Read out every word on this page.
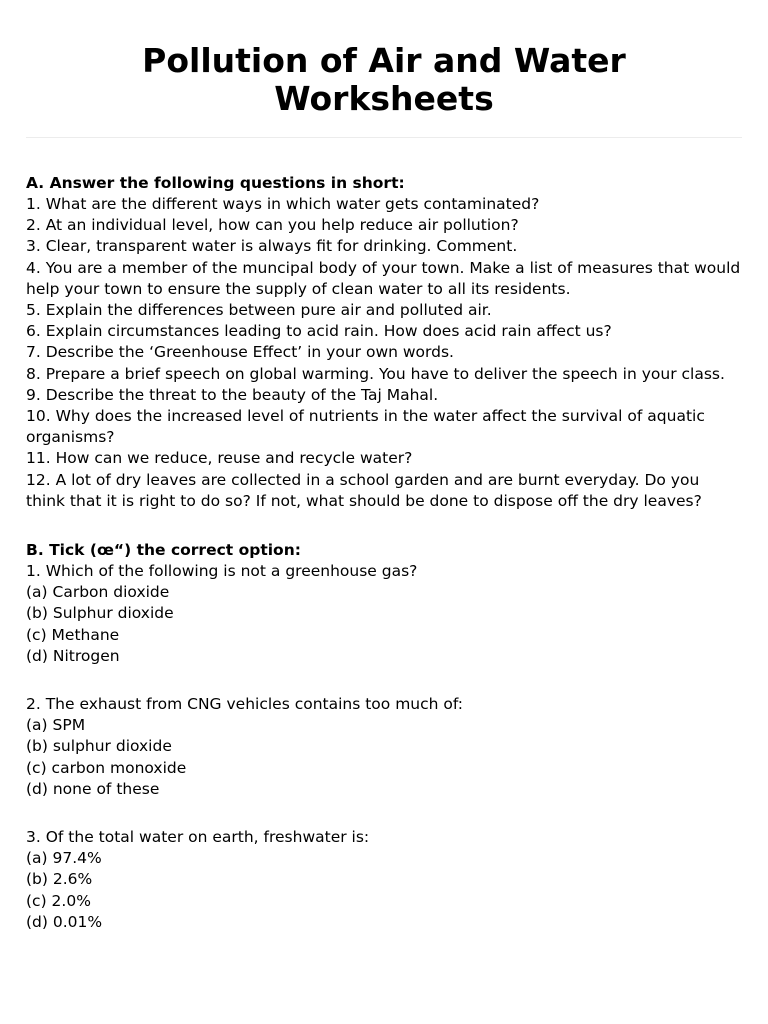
Pollution of Air and Water
Worksheets

A. Answer the following questions in short:

1. What are the different ways in which water gets contaminated?
2. At an individual level, how can you help reduce air pollution?
3. Clear, transparent water is always fit for drinking. Comment.
4. You are a member of the muncipal body of your town. Make a list of measures that would help your town to ensure the supply of clean water to all its residents.
5. Explain the differences between pure air and polluted air.
6. Explain circumstances leading to acid rain. How does acid rain affect us?
7. Describe the ‘Greenhouse Effect’ in your own words.
8. Prepare a brief speech on global warming. You have to deliver the speech in your class.
9. Describe the threat to the beauty of the Taj Mahal.
10. Why does the increased level of nutrients in the water affect the survival of aquatic organisms?
11. How can we reduce, reuse and recycle water?
12. A lot of dry leaves are collected in a school garden and are burnt everyday. Do you think that it is right to do so? If not, what should be done to dispose off the dry leaves?

B. Tick (œ“) the correct option:

1. Which of the following is not a greenhouse gas?

(a) Carbon dioxide
(b) Sulphur dioxide
(c) Methane
(d) Nitrogen

2. The exhaust from CNG vehicles contains too much of:

(a) SPM
(b) sulphur dioxide
(c) carbon monoxide
(d) none of these

3. Of the total water on earth, freshwater is:

(a) 97.4%
(b) 2.6%
(c) 2.0%
(d) 0.01%
